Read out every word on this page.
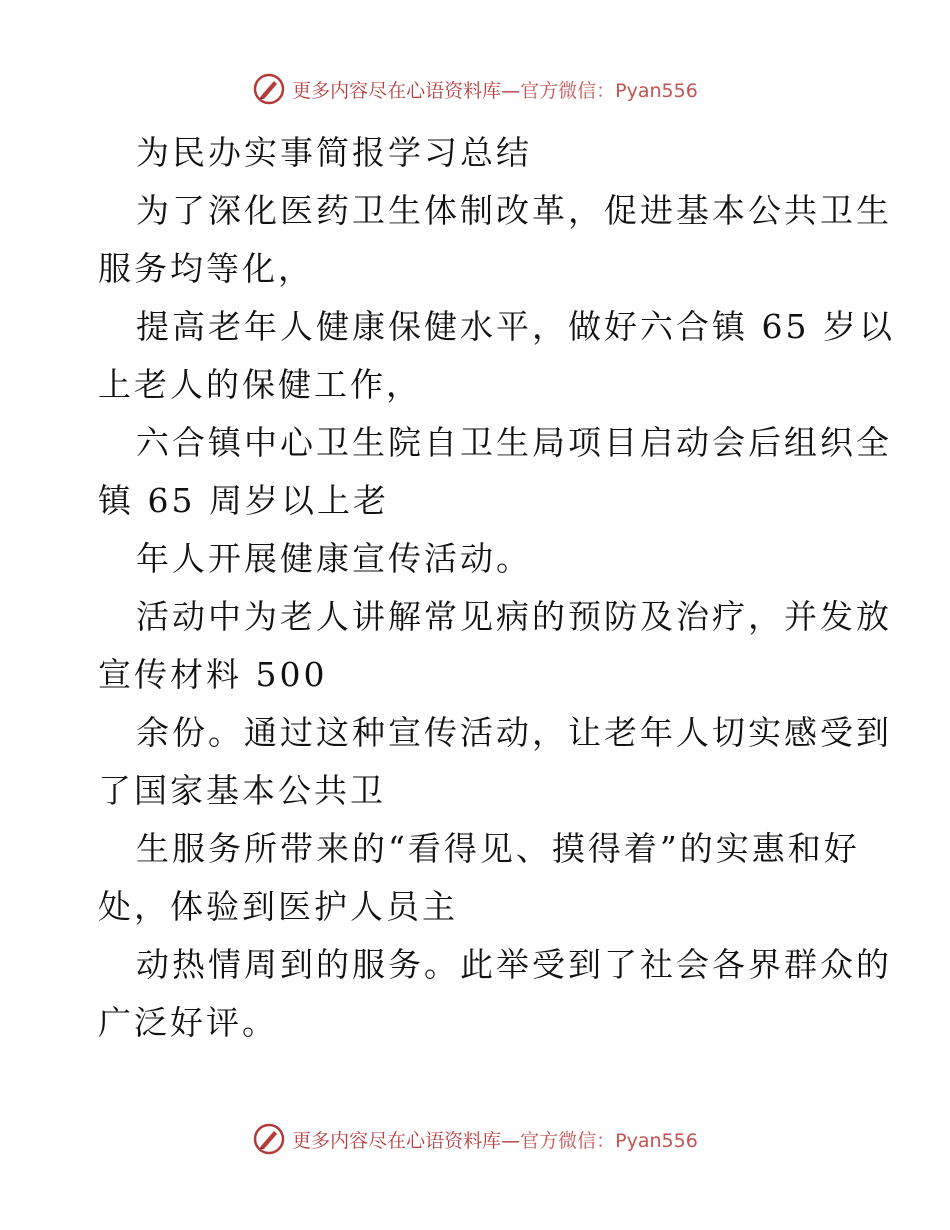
更多内容尽在心语资料库—官方微信：Pyan556
为民办实事简报学习总结
为了深化医药卫生体制改革，促进基本公共卫生
服务均等化，
提高老年人健康保健水平，做好六合镇 65 岁以
上老人的保健工作，
六合镇中心卫生院自卫生局项目启动会后组织全
镇 65 周岁以上老
年人开展健康宣传活动。
活动中为老人讲解常见病的预防及治疗，并发放
宣传材料 500
余份。通过这种宣传活动，让老年人切实感受到
了国家基本公共卫
生服务所带来的“看得见、摸得着”的实惠和好
处，体验到医护人员主
动热情周到的服务。此举受到了社会各界群众的
广泛好评。
更多内容尽在心语资料库—官方微信：Pyan556
